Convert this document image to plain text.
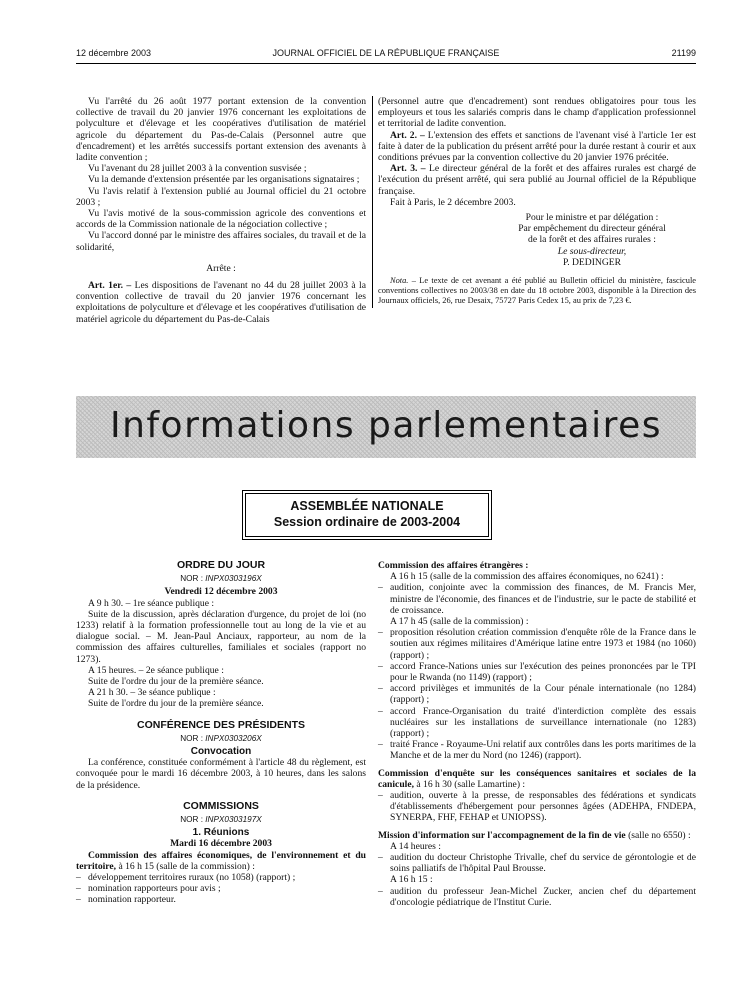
12 décembre 2003	JOURNAL OFFICIEL DE LA RÉPUBLIQUE FRANÇAISE	21199

Vu l'arrêté du 26 août 1977 portant extension de la convention collective de travail du 20 janvier 1976 concernant les exploitations de polyculture et d'élevage et les coopératives d'utilisation de matériel agricole du département du Pas-de-Calais (Personnel autre que d'encadrement) et les arrêtés successifs portant extension des avenants à ladite convention ;

Vu l'avenant du 28 juillet 2003 à la convention susvisée ;

Vu la demande d'extension présentée par les organisations signataires ;

Vu l'avis relatif à l'extension publié au Journal officiel du 21 octobre 2003 ;

Vu l'avis motivé de la sous-commission agricole des conventions et accords de la Commission nationale de la négociation collective ;

Vu l'accord donné par le ministre des affaires sociales, du travail et de la solidarité,

Arrête :

Art. 1er. – Les dispositions de l'avenant no 44 du 28 juillet 2003 à la convention collective de travail du 20 janvier 1976 concernant les exploitations de polyculture et d'élevage et les coopératives d'utilisation de matériel agricole du département du Pas-de-Calais

(Personnel autre que d'encadrement) sont rendues obligatoires pour tous les employeurs et tous les salariés compris dans le champ d'application professionnel et territorial de ladite convention.

Art. 2. – L'extension des effets et sanctions de l'avenant visé à l'article 1er est faite à dater de la publication du présent arrêté pour la durée restant à courir et aux conditions prévues par la convention collective du 20 janvier 1976 précitée.

Art. 3. – Le directeur général de la forêt et des affaires rurales est chargé de l'exécution du présent arrêté, qui sera publié au Journal officiel de la République française.

Fait à Paris, le 2 décembre 2003.

Pour le ministre et par délégation :

Par empêchement du directeur général

de la forêt et des affaires rurales :

Le sous-directeur,

P. DEDINGER

Nota. – Le texte de cet avenant a été publié au Bulletin officiel du ministère, fascicule conventions collectives no 2003/38 en date du 18 octobre 2003, disponible à la Direction des Journaux officiels, 26, rue Desaix, 75727 Paris Cedex 15, au prix de 7,23 €.

Informations parlementaires
ASSEMBLÉE NATIONALE
Session ordinaire de 2003-2004

ORDRE DU JOUR

NOR : INPX0303196X

Vendredi 12 décembre 2003

A 9 h 30. – 1re séance publique :

Suite de la discussion, après déclaration d'urgence, du projet de loi (no 1233) relatif à la formation professionnelle tout au long de la vie et au dialogue social. – M. Jean-Paul Anciaux, rapporteur, au nom de la commission des affaires culturelles, familiales et sociales (rapport no 1273).

A 15 heures. – 2e séance publique :

Suite de l'ordre du jour de la première séance.

A 21 h 30. – 3e séance publique :

Suite de l'ordre du jour de la première séance.

CONFÉRENCE DES PRÉSIDENTS

NOR : INPX0303206X

Convocation

La conférence, constituée conformément à l'article 48 du règlement, est convoquée pour le mardi 16 décembre 2003, à 10 heures, dans les salons de la présidence.

COMMISSIONS

NOR : INPX0303197X

1. Réunions

Mardi 16 décembre 2003

Commission des affaires économiques, de l'environnement et du territoire, à 16 h 15 (salle de la commission) :

– développement territoires ruraux (no 1058) (rapport) ;
– nomination rapporteurs pour avis ;
– nomination rapporteur.

Commission des affaires étrangères :

A 16 h 15 (salle de la commission des affaires économiques, no 6241) :

– audition, conjointe avec la commission des finances, de M. Francis Mer, ministre de l'économie, des finances et de l'industrie, sur le pacte de stabilité et de croissance.

A 17 h 45 (salle de la commission) :

– proposition résolution création commission d'enquête rôle de la France dans le soutien aux régimes militaires d'Amérique latine entre 1973 et 1984 (no 1060) (rapport) ;
– accord France-Nations unies sur l'exécution des peines prononcées par le TPI pour le Rwanda (no 1149) (rapport) ;
– accord privilèges et immunités de la Cour pénale internationale (no 1284) (rapport) ;
– accord France-Organisation du traité d'interdiction complète des essais nucléaires sur les installations de surveillance internationale (no 1283) (rapport) ;
– traité France - Royaume-Uni relatif aux contrôles dans les ports maritimes de la Manche et de la mer du Nord (no 1246) (rapport).

Commission d'enquête sur les conséquences sanitaires et sociales de la canicule, à 16 h 30 (salle Lamartine) :

– audition, ouverte à la presse, de responsables des fédérations et syndicats d'établissements d'hébergement pour personnes âgées (ADEHPA, FNDEPA, SYNERPA, FHF, FEHAP et UNIOPSS).

Mission d'information sur l'accompagnement de la fin de vie (salle no 6550) :

A 14 heures :

– audition du docteur Christophe Trivalle, chef du service de gérontologie et de soins palliatifs de l'hôpital Paul Brousse.

A 16 h 15 :

– audition du professeur Jean-Michel Zucker, ancien chef du département d'oncologie pédiatrique de l'Institut Curie.
